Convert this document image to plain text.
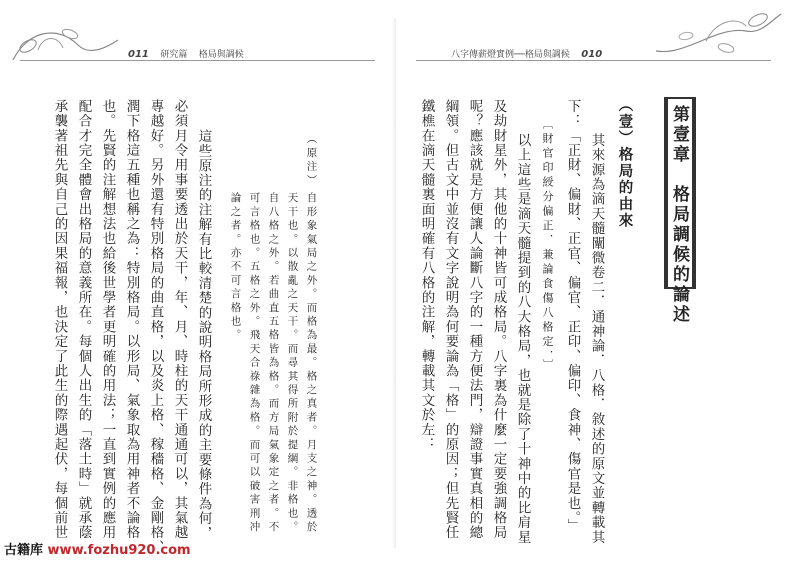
011 研究篇 格局與調候
（原注）
自形象氣局之外。而格為最。格之真者。月支之神。透於
天干也。以散亂之天干。而尋其得所附於提綱。非格也。
自八格之外。若曲直五格皆為格。而方局氣象定之者。不
可言格也。五格之外。飛天合祿雜為格。而可以破害刑冲
論之者。亦不可言格也。
這些原注的注解有比較清楚的說明格局所形成的主要條件為何，
必須月令用事要透出於天干，年、月、時柱的天干通通可以，其氣越
專越好。另外還有特別格局的曲直格，以及炎上格、稼穡格、金剛格、
潤下格這五種也稱之為：特別格局。以形局、氣象取為用神者不論格
也。先賢的注解想法也給後世學者更明確的用法；一直到實例的應用
配合才完全體會出格局的意義所在。每個人出生的「落土時」就承蔭
承襲著祖先與自己的因果福報，也決定了此生的際遇起伏，每個前世
八字傳薪燈實例──格局與調候 010
第壹章　格局調候的論述
（壹）格局的由來
其來源為滴天髓闡微卷二．通神論．八格．敘述的原文並轉載其
下：「正財、偏財、正官、偏官、正印、偏印、食神、傷官是也。」
〔財官印綬分偏正．兼論食傷八格定．〕
以上這些是滴天髓提到的八大格局，也就是除了十神中的比肩星
及劫財星外，其他的十神皆可成格局。八字裏為什麼一定要強調格局
呢？應該就是方便讓人論斷八字的一種方便法門，辯證事實真相的總
綱領。但古文中並沒有文字說明為何要論為「格」的原因；但先賢任
鐵樵在滴天髓裏面明確有八格的注解，轉載其文於左：
古籍库 www.fozhu920.com
